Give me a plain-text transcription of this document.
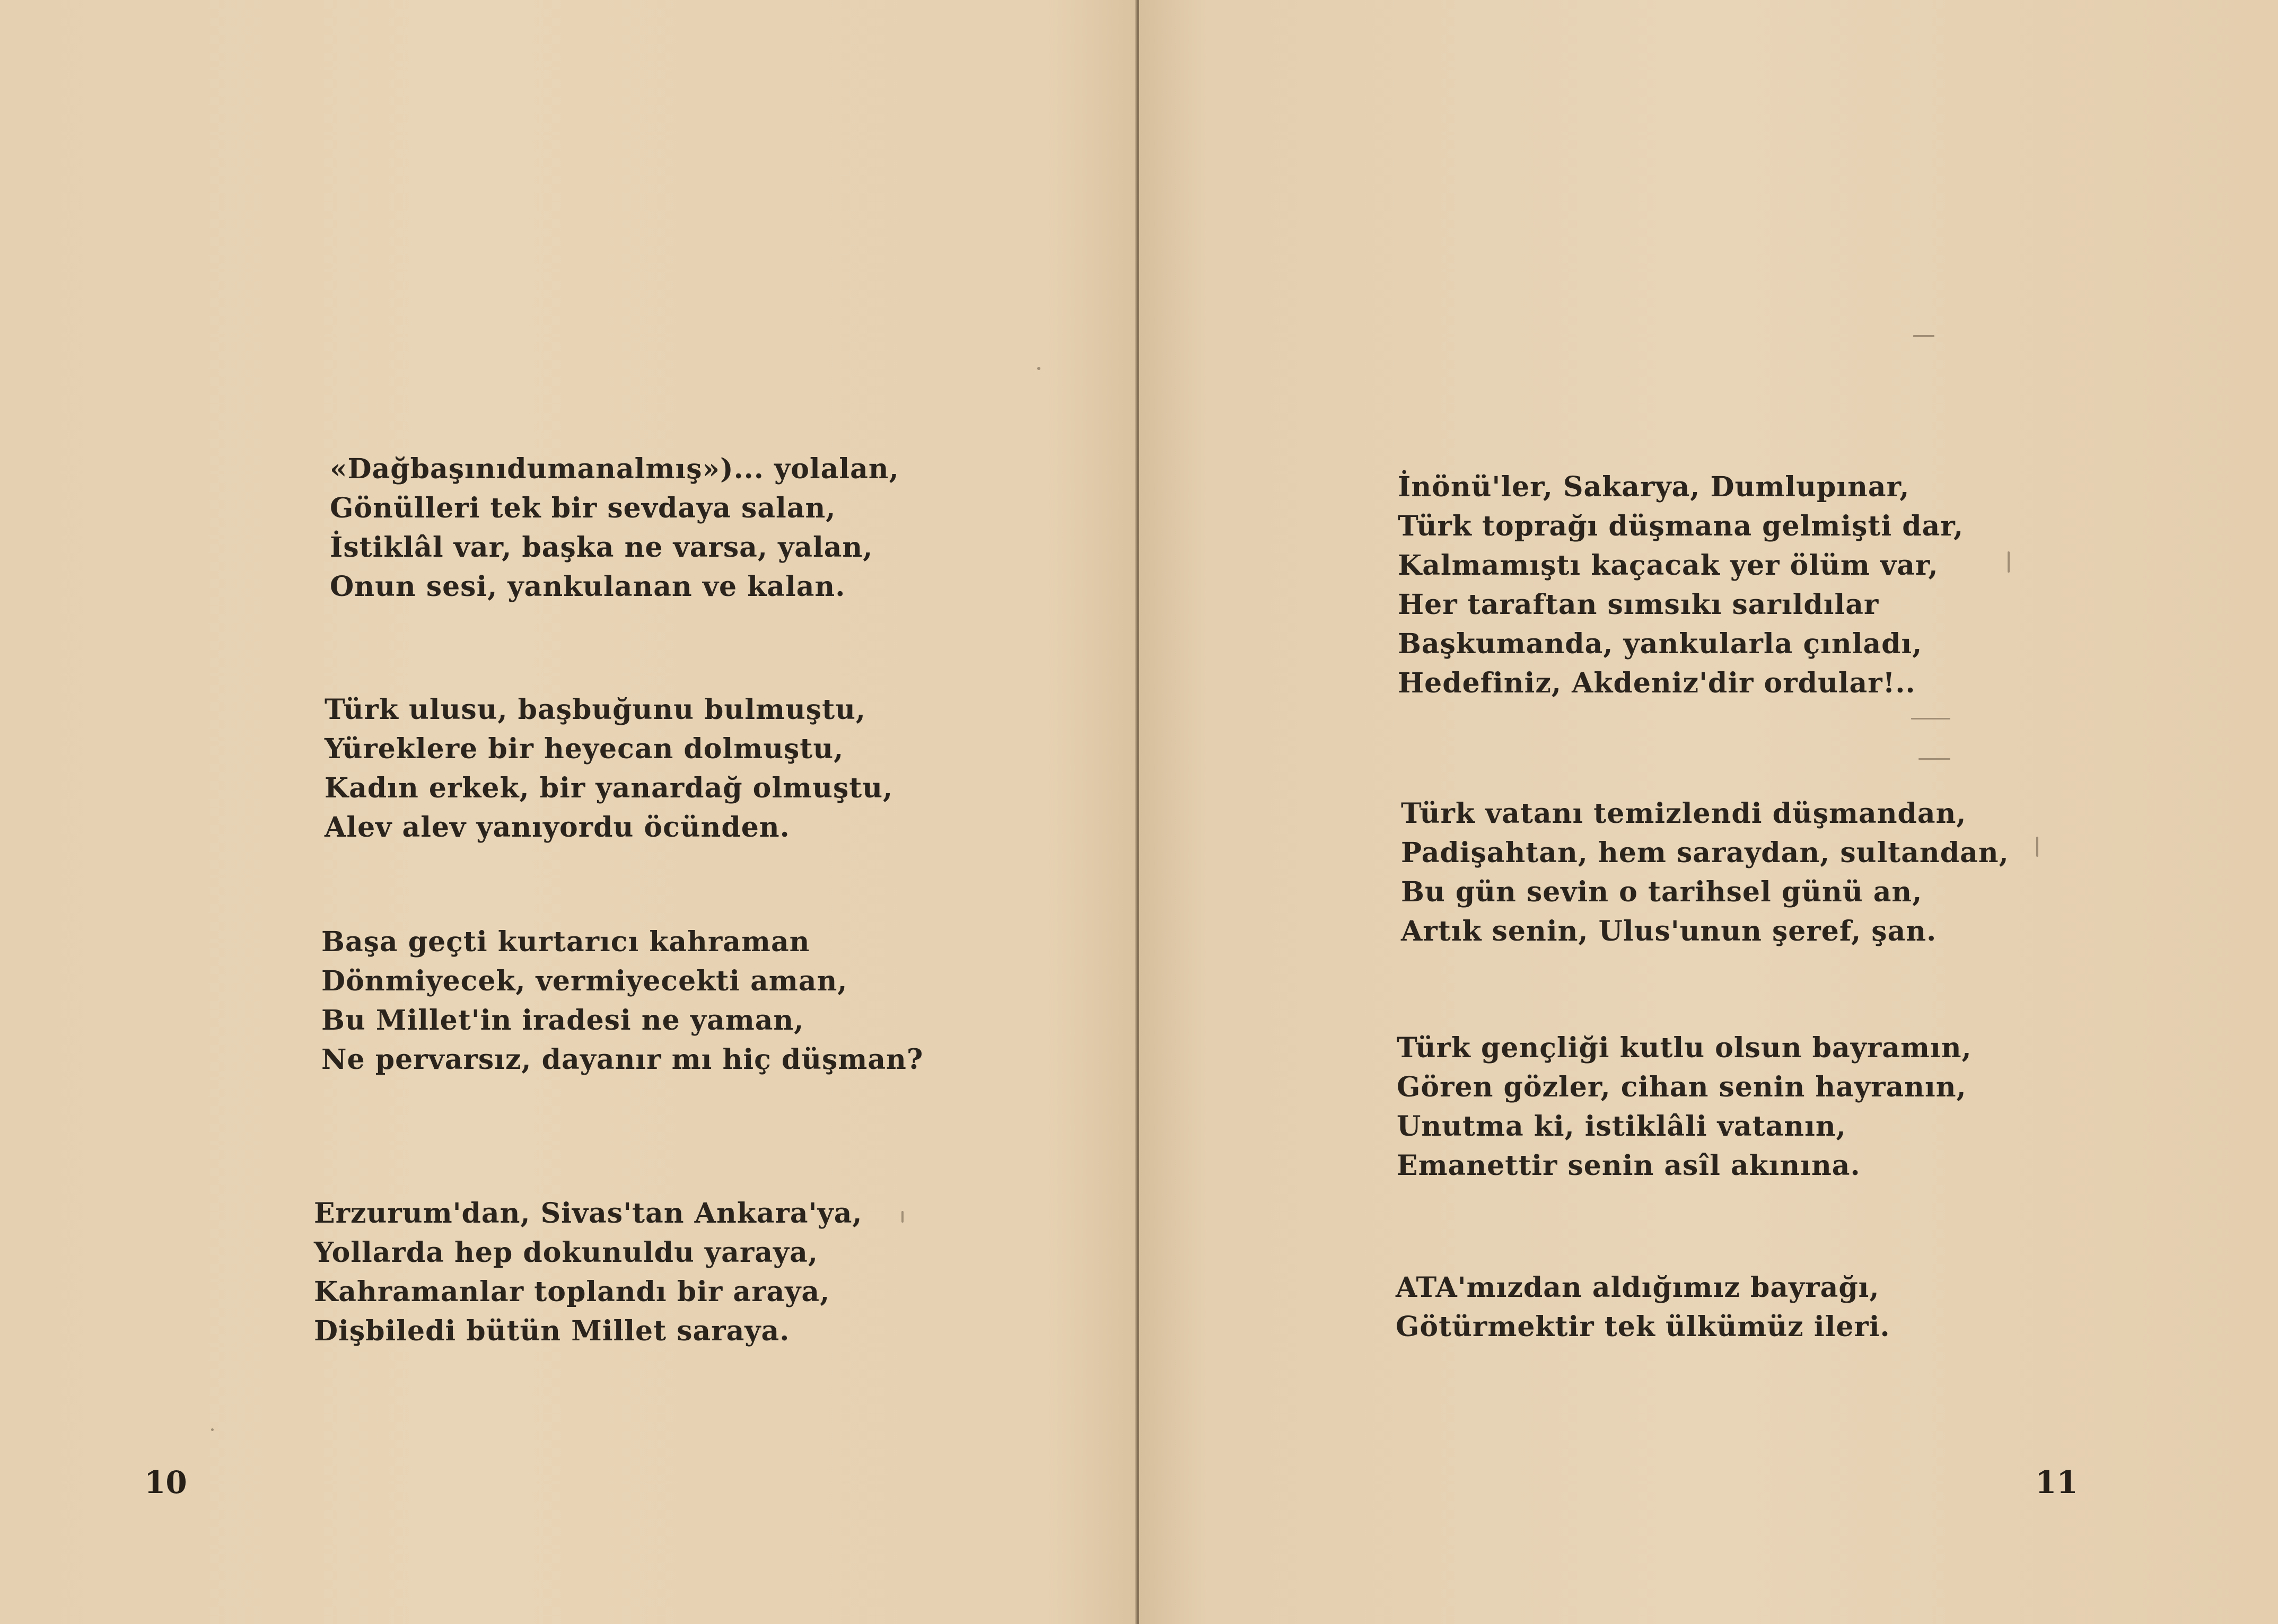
«Dağbaşınıdumanalmış»)... yolalan,
Gönülleri tek bir sevdaya salan,
İstiklâl var, başka ne varsa, yalan,
Onun sesi, yankulanan ve kalan.
Türk ulusu, başbuğunu bulmuştu,
Yüreklere bir heyecan dolmuştu,
Kadın erkek, bir yanardağ olmuştu,
Alev alev yanıyordu öcünden.
Başa geçti kurtarıcı kahraman
Dönmiyecek, vermiyecekti aman,
Bu Millet'in iradesi ne yaman,
Ne pervarsız, dayanır mı hiç düşman?
Erzurum'dan, Sivas'tan Ankara'ya,
Yollarda hep dokunuldu yaraya,
Kahramanlar toplandı bir araya,
Dişbiledi bütün Millet saraya.
10
İnönü'ler, Sakarya, Dumlupınar,
Türk toprağı düşmana gelmişti dar,
Kalmamıştı kaçacak yer ölüm var,
Her taraftan sımsıkı sarıldılar
Başkumanda, yankularla çınladı,
Hedefiniz, Akdeniz'dir ordular!..
Türk vatanı temizlendi düşmandan,
Padişahtan, hem saraydan, sultandan,
Bu gün sevin o tarihsel günü an,
Artık senin, Ulus'unun şeref, şan.
Türk gençliği kutlu olsun bayramın,
Gören gözler, cihan senin hayranın,
Unutma ki, istiklâli vatanın,
Emanettir senin asîl akınına.
ATA'mızdan aldığımız bayrağı,
Götürmektir tek ülkümüz ileri.
11
